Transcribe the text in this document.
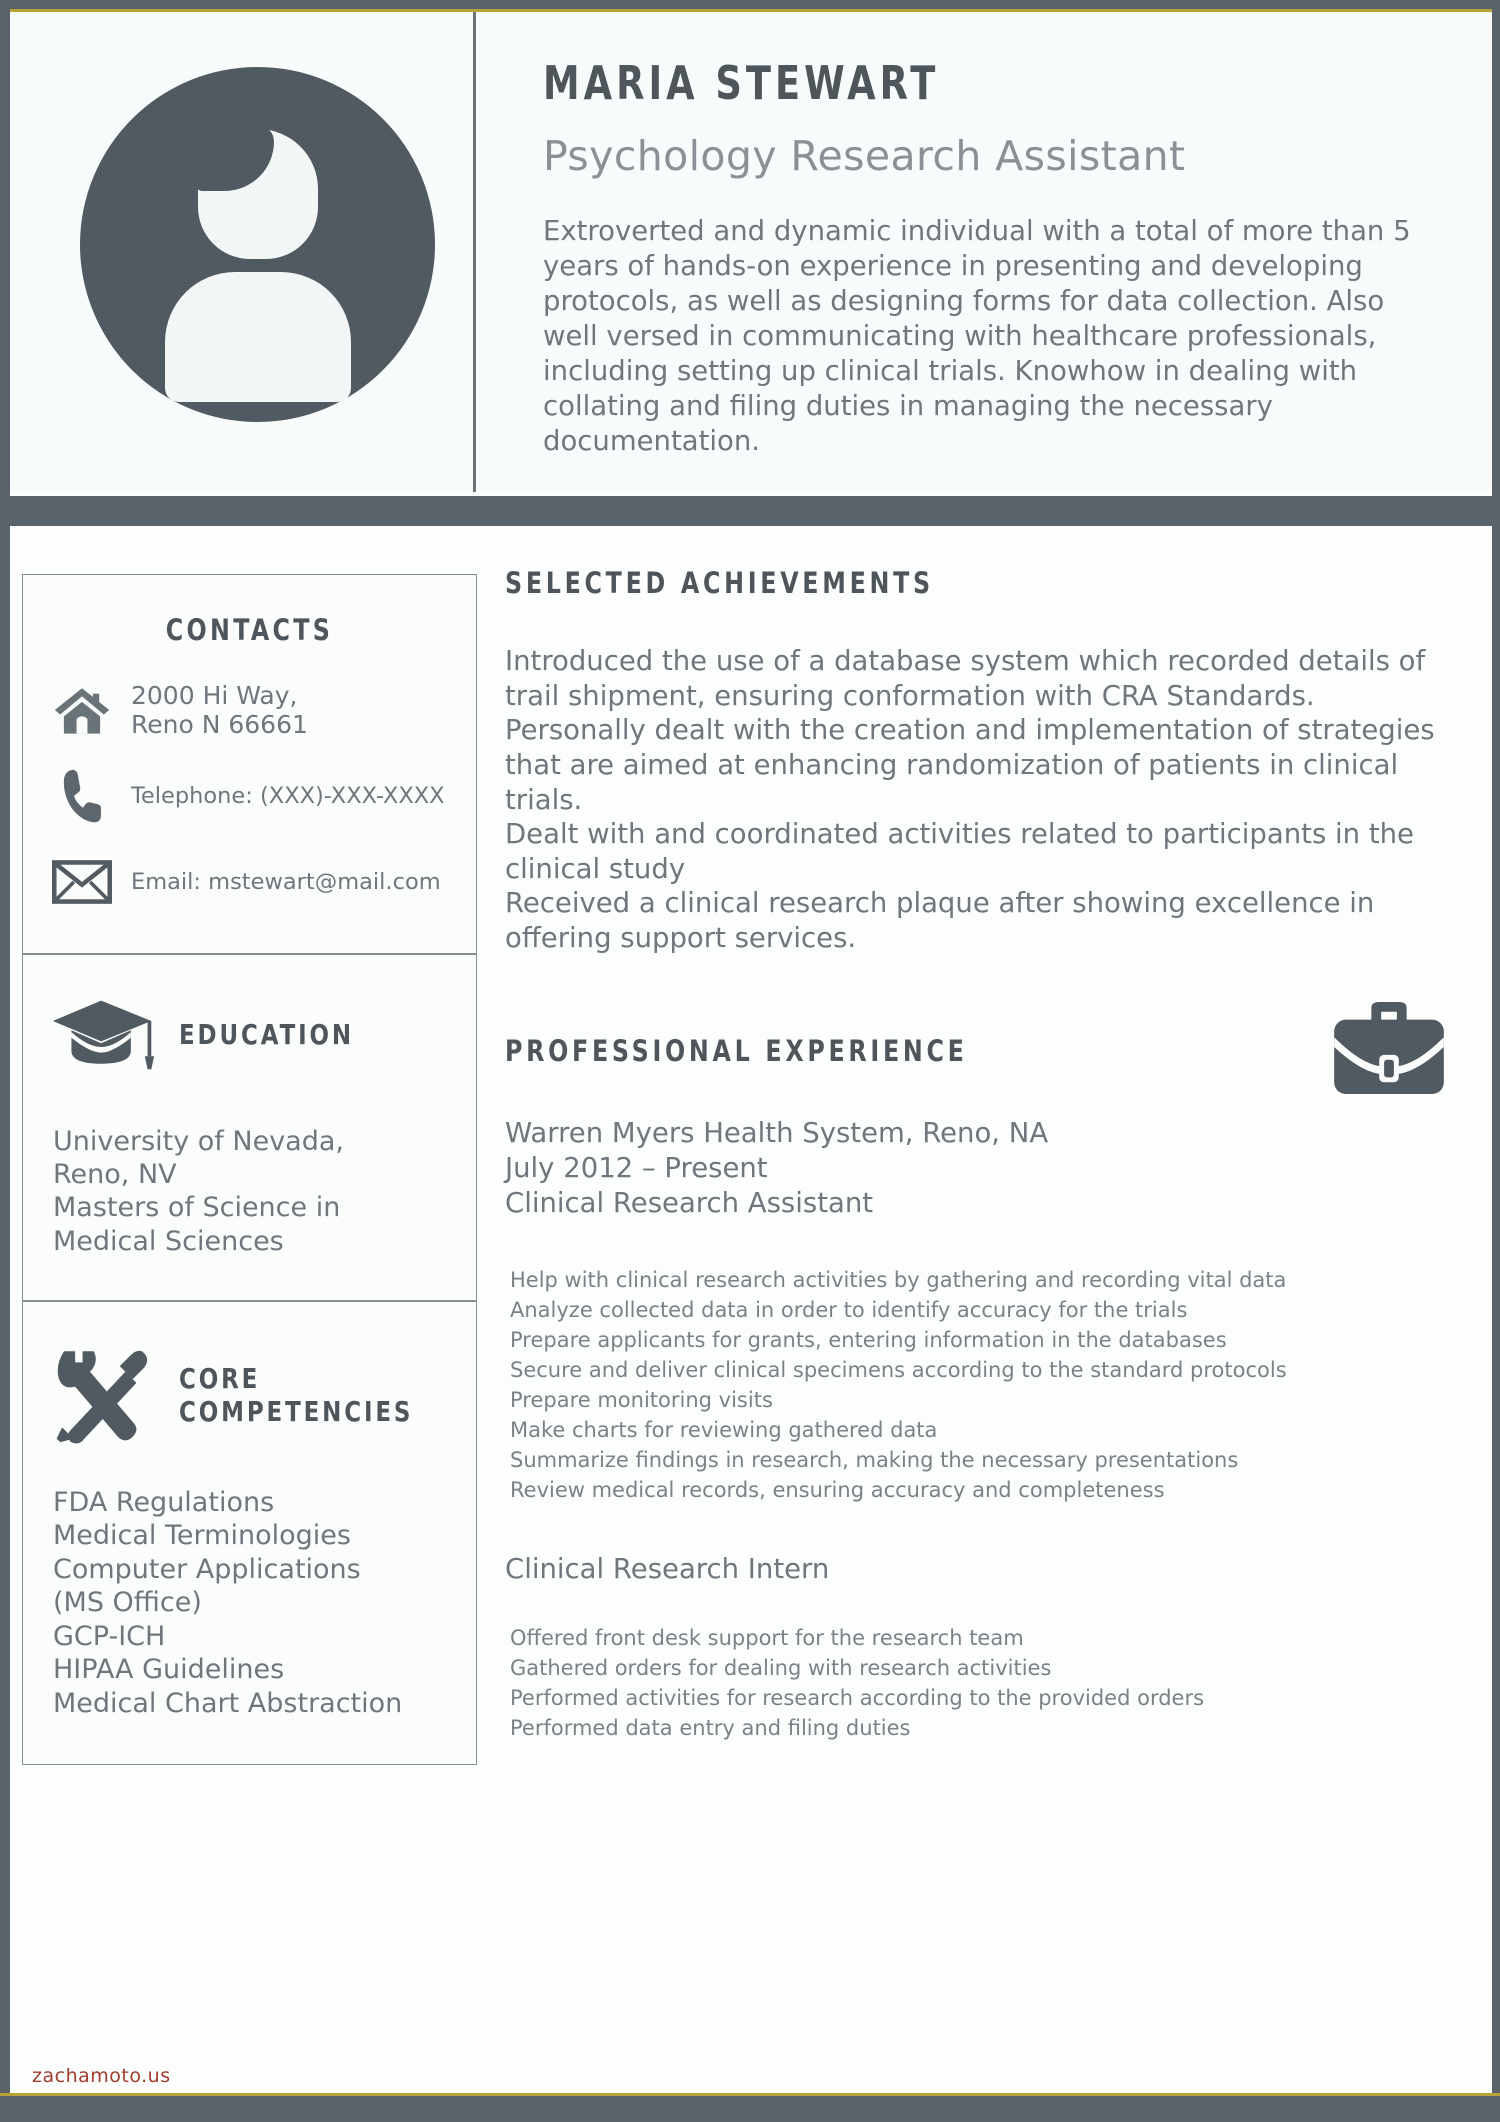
MARIA STEWART
Psychology Research Assistant
Extroverted and dynamic individual with a total of more than 5 years of hands-on experience in presenting and developing protocols, as well as designing forms for data collection. Also well versed in communicating with healthcare professionals, including setting up clinical trials. Knowhow in dealing with collating and filing duties in managing the necessary documentation.
CONTACTS
2000 Hi Way,
Reno N 66661
Telephone: (XXX)-XXX-XXXX
Email: mstewart@mail.com
EDUCATION
University of Nevada,
Reno, NV
Masters of Science in
Medical Sciences
CORE
COMPETENCIES
FDA Regulations
Medical Terminologies
Computer Applications
(MS Office)
GCP-ICH
HIPAA Guidelines
Medical Chart Abstraction
SELECTED ACHIEVEMENTS

Introduced the use of a database system which recorded details of trail shipment, ensuring conformation with CRA Standards.

Personally dealt with the creation and implementation of strategies that are aimed at enhancing randomization of patients in clinical trials.

Dealt with and coordinated activities related to participants in the clinical study

Received a clinical research plaque after showing excellence in offering support services.

PROFESSIONAL EXPERIENCE
Warren Myers Health System, Reno, NA
July 2012 – Present
Clinical Research Assistant
Help with clinical research activities by gathering and recording vital data
Analyze collected data in order to identify accuracy for the trials
Prepare applicants for grants, entering information in the databases
Secure and deliver clinical specimens according to the standard protocols
Prepare monitoring visits
Make charts for reviewing gathered data
Summarize findings in research, making the necessary presentations
Review medical records, ensuring accuracy and completeness
Clinical Research Intern
Offered front desk support for the research team
Gathered orders for dealing with research activities
Performed activities for research according to the provided orders
Performed data entry and filing duties
zachamoto.us
